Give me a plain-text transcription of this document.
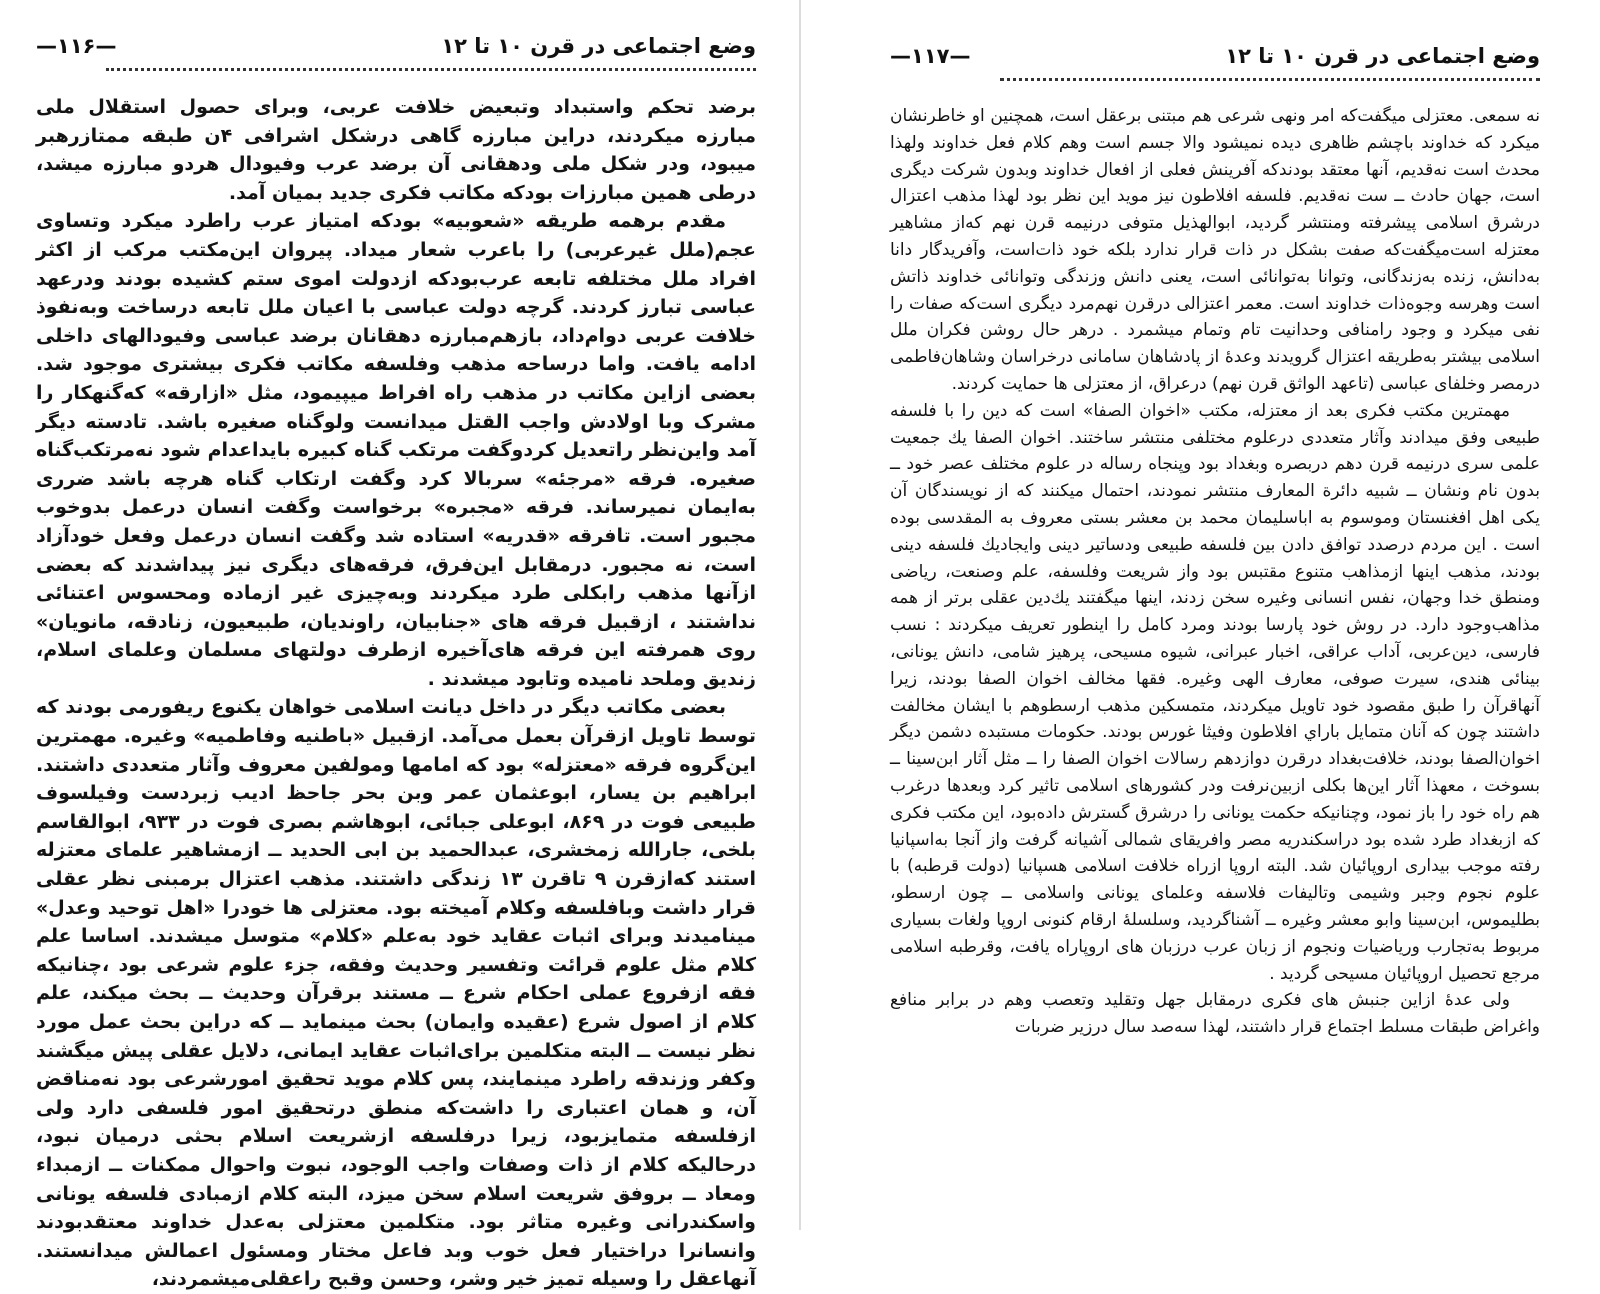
وضع اجتماعی در قرن ۱۰ تا ۱۲
—۱۱۶—

برضد تحکم واستبداد وتبعیض خلافت عربی، وبرای حصول استقلال ملی مبارزه میکردند، دراین مبارزه گاهی درشکل اشرافی ۴ن طبقه ممتازرهبر میبود، ودر شکل ملی ودهقانی آن برضد عرب وفیودال هردو مبارزه میشد، درطی همین مبارزات بودکه مکاتب فکری جدید بمیان آمد.

مقدم برهمه طریقه «شعوبیه» بودکه امتیاز عرب راطرد میکرد وتساوی عجم(ملل غیرعربی) را باعرب شعار میداد. پیروان این‌مکتب مرکب از اکثر افراد ملل مختلفه تابعه عرب‌بودکه ازدولت اموی ستم کشیده بودند ودرعهد عباسی تبارز کردند. گرچه دولت عباسی با اعیان ملل تابعه درساخت وبه‌نفوذ خلافت عربی دوام‌داد، بازهم‌مبارزه دهقانان برضد عباسی وفیودالهای داخلی ادامه یافت. واما درساحه مذهب وفلسفه مکاتب فکری بیشتری موجود شد. بعضی ازاین مکاتب در مذهب راه افراط میپیمود، مثل «ازارقه» که‌گنهکار را مشرک وبا اولادش واجب القتل میدانست ولوگناه صغیره باشد. تادسته دیگر آمد واین‌نظر راتعدیل کردوگفت مرتکب گناه کبیره بایداعدام شود نه‌مرتکب‌گناه صغیره. فرقه «مرجئه» سربالا کرد وگفت ارتکاب گناه هرچه باشد ضرری به‌ایمان نمیرساند. فرقه «مجبره» برخواست وگفت انسان درعمل بدوخوب مجبور است. تافرقه «قدریه» استاده شد وگفت انسان درعمل وفعل خودآزاد است، نه مجبور. درمقابل این‌فرق، فرقه‌های دیگری نیز پیداشدند که بعضی ازآنها مذهب رابکلی طرد میکردند وبه‌چیزی غیر ازماده ومحسوس اعتنائی نداشتند ، ازقبیل فرقه های «جنابیان، راوندیان، طبیعیون، زنادقه، مانویان» روی همرفته این فرقه های‌آخیره ازطرف دولتهای مسلمان وعلمای اسلام، زندیق وملحد نامیده وتابود میشدند .

بعضی مکاتب دیگر در داخل دیانت اسلامی خواهان یکنوع ریفورمی بودند که توسط تاویل ازقرآن بعمل می‌آمد. ازقبیل «باطنیه وفاطمیه» وغیره. مهمترین این‌گروه فرقه «معتزله» بود که امامها ومولفین معروف وآثار متعددی داشتند. ابراهیم بن یسار، ابوعثمان عمر وبن بحر جاحظ ادیب زبردست وفیلسوف طبیعی فوت در ۸۶۹، ابوعلی جبائی، ابوهاشم بصری فوت در ۹۳۳، ابوالقاسم بلخی، جارالله زمخشری، عبدالحمید بن ابی الحدید ــ ازمشاهیر علمای معتزله استند که‌ازقرن ۹ تاقرن ۱۳ زندگی داشتند. مذهب اعتزال برمبنی نظر عقلی قرار داشت وبافلسفه وکلام آمیخته بود. معتزلی ها خودرا «اهل توحید وعدل» مینامیدند وبرای اثبات عقاید خود به‌علم «کلام» متوسل میشدند. اساسا علم کلام مثل علوم قرائت وتفسیر وحدیث وفقه، جزء علوم شرعی بود ،چنانیکه فقه ازفروع عملی احکام شرع ــ مستند برقرآن وحدیث ــ بحث میکند، علم کلام از اصول شرع (عقیده وایمان) بحث مینماید ــ که دراین بحث عمل مورد نظر نیست ــ البته متکلمین برای‌اثبات عقاید ایمانی، دلایل عقلی پیش میگشند وکفر وزندقه راطرد مینمایند، پس کلام موید تحقیق امورشرعی بود نه‌مناقض آن، و همان اعتباری را داشت‌که منطق درتحقیق امور فلسفی دارد ولی ازفلسفه متمایزبود، زیرا درفلسفه ازشریعت اسلام بحثی درمیان نبود، درحالیکه کلام از ذات وصفات واجب الوجود، نبوت واحوال ممکنات ــ ازمبداء ومعاد ــ بروفق شریعت اسلام سخن میزد، البته کلام ازمبادی فلسفه یونانی واسکندرانی وغیره متاثر بود. متکلمین معتزلی به‌عدل خداوند معتقدبودند وانسانرا دراختیار فعل خوب وبد فاعل مختار ومسئول اعمالش میدانستند. آنهاعقل را وسیله تمیز خیر وشر، وحسن وقبح راعقلی‌میشمردند،

وضع اجتماعی در قرن ۱۰ تا ۱۲
—۱۱۷—

نه سمعی. معتزلی میگفت‌که امر ونهی شرعی هم مبتنی برعقل است، همچنین او خاطرنشان میکرد که خداوند باچشم ظاهری دیده نمیشود والا جسم است وهم کلام فعل خداوند ولهذا محدث است نه‌قدیم، آنها معتقد بودندکه آفرینش فعلی از افعال خداوند وبدون شرکت دیگری است، جهان حادث ــ ست نه‌قدیم. فلسفه افلاطون نیز موید این نظر بود لهذا مذهب اعتزال درشرق اسلامی پیشرفته ومنتشر گردید، ابوالهذیل متوفی درنیمه قرن نهم که‌از مشاهیر معتزله است‌میگفت‌که صفت بشکل در ذات قرار ندارد بلکه خود ذات‌است، وآفریدگار دانا به‌دانش، زنده به‌زندگانی، وتوانا به‌توانائی است، یعنی دانش وزندگی وتوانائی خداوند ذاتش است وهرسه وجوه‌ذات خداوند است. معمر اعتزالی درقرن نهم‌مرد دیگری است‌که صفات را نفی میکرد و وجود رامنافی وحدانیت تام وتمام میشمرد . درهر حال روشن فکران ملل اسلامی بیشتر به‌طریقه اعتزال گرویدند وعدهٔ از پادشاهان سامانی درخراسان وشاهان‌فاطمی درمصر وخلفای عباسی (تاعهد الواثق قرن نهم) درعراق، از معتزلی ها حمایت کردند.

مهمترین مکتب فکری بعد از معتزله، مکتب «اخوان الصفا» است که دین را با فلسفه طبیعی وفق میدادند وآثار متعددی درعلوم مختلفی منتشر ساختند. اخوان الصفا یك جمعیت علمی سری درنیمه قرن دهم دربصره وبغداد بود وپنجاه رساله در علوم مختلف عصر خود ــ بدون نام ونشان ــ شبیه دائرة المعارف منتشر نمودند، احتمال میکنند که از نویسندگان آن یکی اهل افغنستان وموسوم به اباسلیمان محمد بن معشر بستی معروف به المقدسی بوده است . این مردم درصدد توافق دادن بین فلسفه طبیعی ودساتیر دینی وایجادیك فلسفه دینی بودند، مذهب اینها ازمذاهب متنوع مقتبس بود واز شریعت وفلسفه، علم وصنعت، ریاضی ومنطق خدا وجهان، نفس انسانی وغیره سخن زدند، اینها میگفتند یك‌دین عقلی برتر از همه مذاهب‌وجود دارد. در روش خود پارسا بودند ومرد کامل را اینطور تعریف میکردند : نسب فارسی، دین‌عربی، آداب عراقی، اخبار عبرانی، شیوه مسیحی، پرهیز شامی، دانش یونانی، بینائی هندی، سیرت صوفی، معارف الهی وغیره. فقها مخالف اخوان الصفا بودند، زیرا آنهاقرآن را طبق مقصود خود تاویل میکردند، متمسکین مذهب ارسطوهم با ایشان مخالفت داشتند چون که آنان متمایل باراي افلاطون وفیثا غورس بودند. حکومات مستبده دشمن دیگر اخوان‌الصفا بودند، خلافت‌بغداد درقرن دوازدهم رسالات اخوان الصفا را ــ مثل آثار ابن‌سینا ــ بسوخت ، معهذا آثار این‌ها بکلی ازبین‌نرفت ودر کشورهای اسلامی تاثیر کرد وبعدها درغرب هم راه خود را باز نمود، وچنانیکه حکمت یونانی را درشرق گسترش داده‌بود، این مکتب فکری که ازبغداد طرد شده بود دراسکندریه مصر وافریقای شمالی آشیانه گرفت واز آنجا به‌اسپانیا رفته موجب بیداری اروپائیان شد. البته اروپا ازراه خلافت اسلامی هسپانیا (دولت قرطبه) با علوم نجوم وجبر وشیمی وتالیفات فلاسفه وعلمای یونانی واسلامی ــ چون ارسطو، بطلیموس، ابن‌سینا وابو معشر وغیره ــ آشناگردید، وسلسلهٔ ارقام کنونی اروپا ولغات بسیاری مربوط به‌تجارب وریاضیات ونجوم از زبان عرب درزبان های اروپاراه یافت، وقرطبه اسلامی مرجع تحصیل اروپائیان مسیحی گردید .

ولی عدهٔ ازاین جنبش های فکری درمقابل جهل وتقلید وتعصب وهم در برابر منافع واغراض طبقات مسلط اجتماع قرار داشتند، لهذا سه‌صد سال درزیر ضربات
